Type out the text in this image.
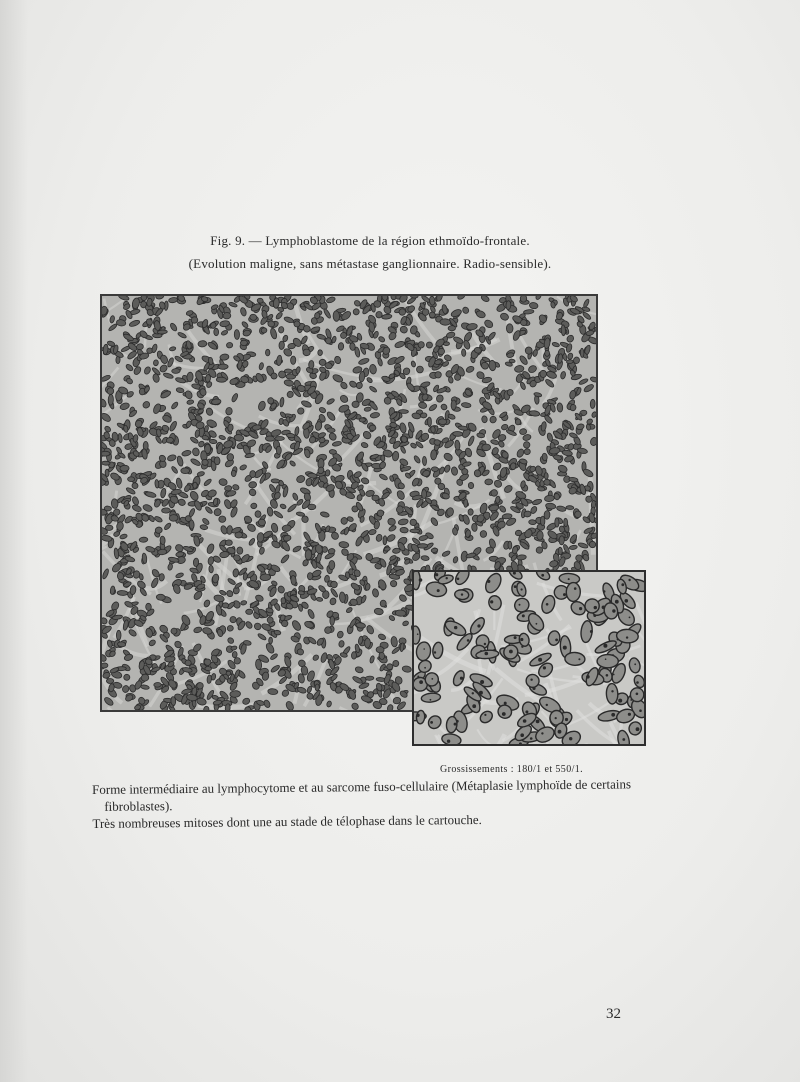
Fig. 9. — Lymphoblastome de la région ethmoïdo-frontale.
(Evolution maligne, sans métastase ganglionnaire. Radio-sensible).
Grossissements : 180/1 et 550/1.

Forme intermédiaire au lymphocytome et au sarcome fuso-cellulaire (Métaplasie lymphoïde de certains

fibroblastes).

Très nombreuses mitoses dont une au stade de télophase dans le cartouche.

32
